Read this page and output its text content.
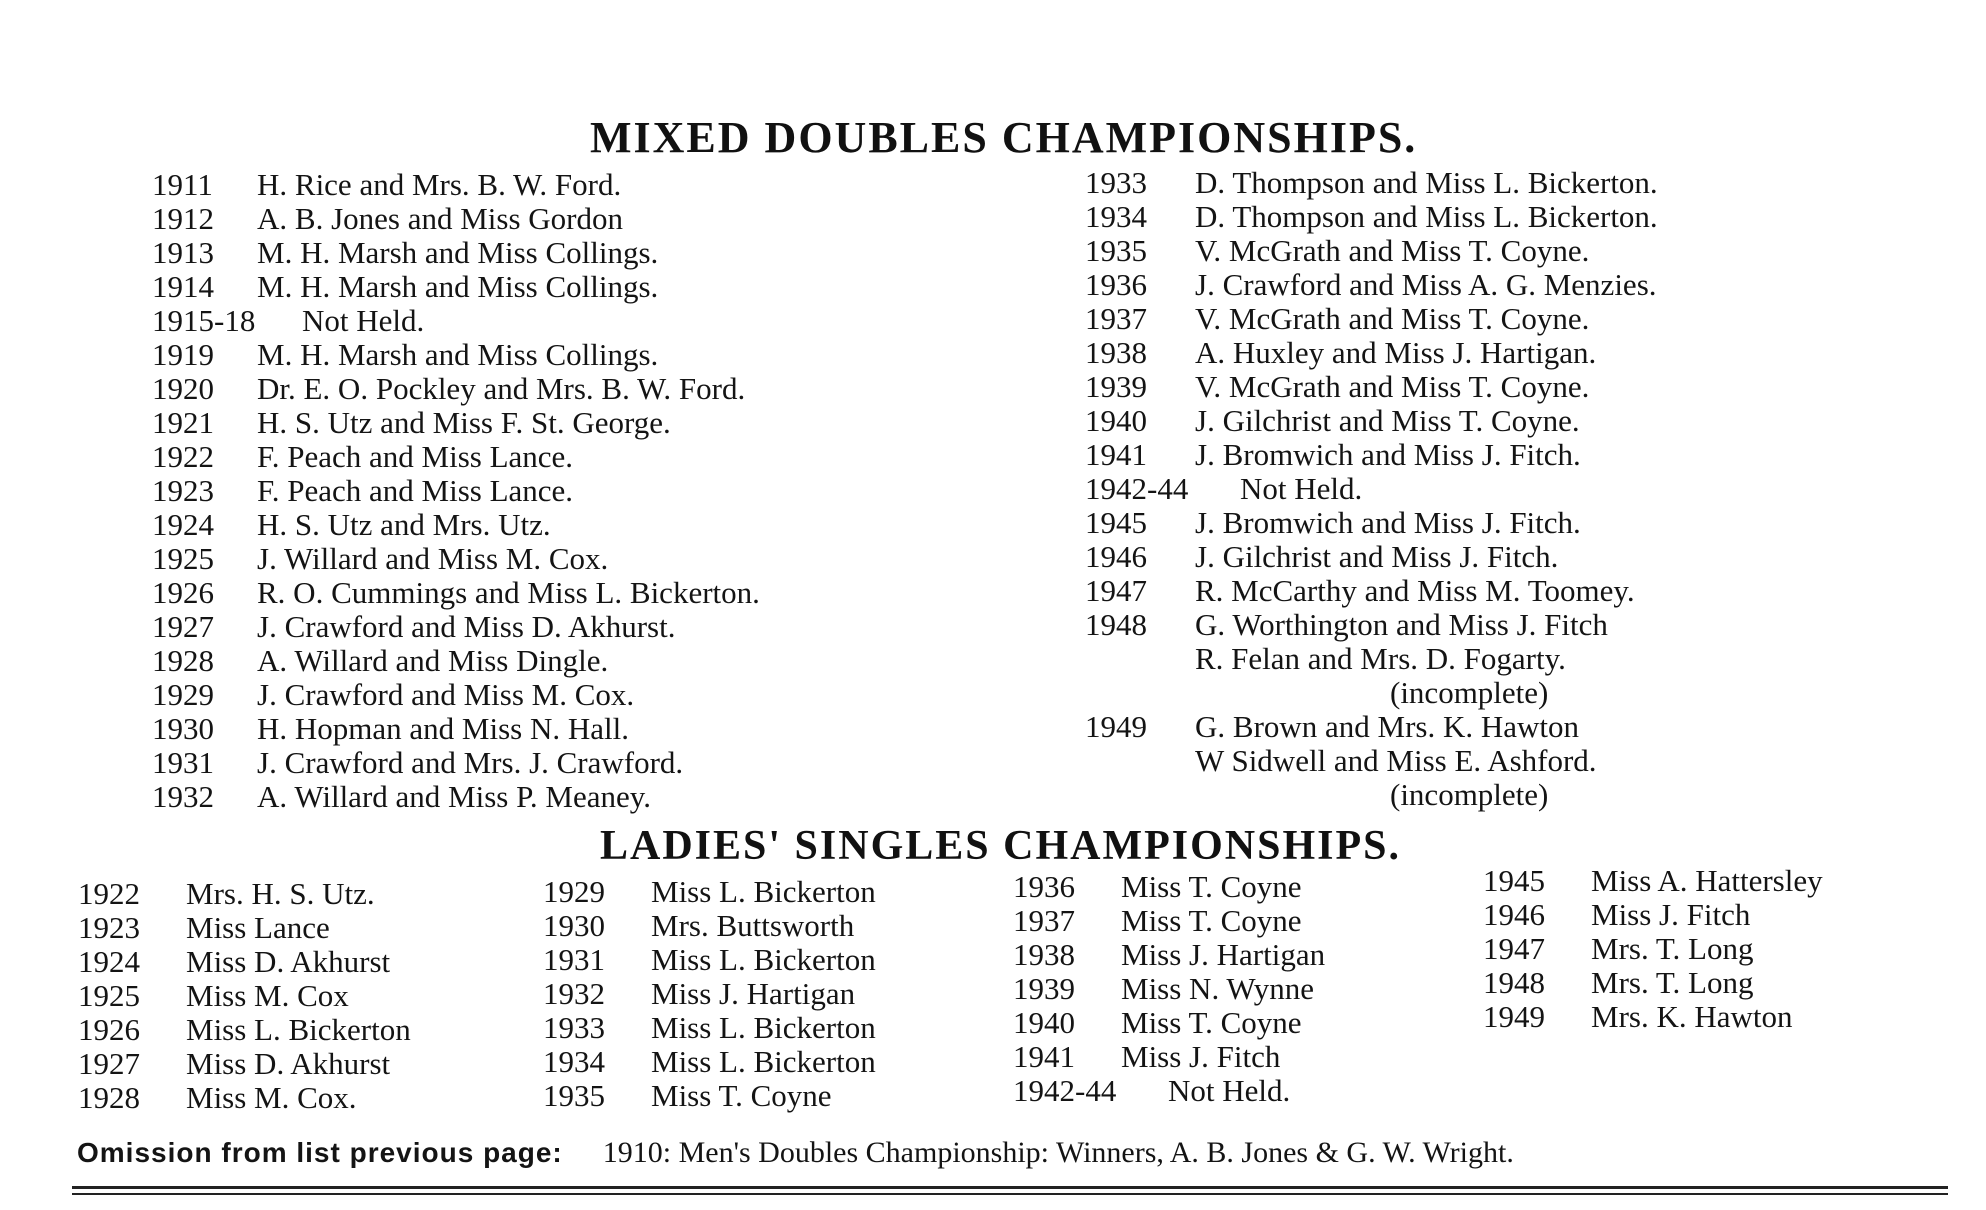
MIXED DOUBLES CHAMPIONSHIPS.
1911 H. Rice and Mrs. B. W. Ford.
1912 A. B. Jones and Miss Gordon
1913 M. H. Marsh and Miss Collings.
1914 M. H. Marsh and Miss Collings.
1915-18 Not Held.
1919 M. H. Marsh and Miss Collings.
1920 Dr. E. O. Pockley and Mrs. B. W. Ford.
1921 H. S. Utz and Miss F. St. George.
1922 F. Peach and Miss Lance.
1923 F. Peach and Miss Lance.
1924 H. S. Utz and Mrs. Utz.
1925 J. Willard and Miss M. Cox.
1926 R. O. Cummings and Miss L. Bickerton.
1927 J. Crawford and Miss D. Akhurst.
1928 A. Willard and Miss Dingle.
1929 J. Crawford and Miss M. Cox.
1930 H. Hopman and Miss N. Hall.
1931 J. Crawford and Mrs. J. Crawford.
1932 A. Willard and Miss P. Meaney.
1933 D. Thompson and Miss L. Bickerton.
1934 D. Thompson and Miss L. Bickerton.
1935 V. McGrath and Miss T. Coyne.
1936 J. Crawford and Miss A. G. Menzies.
1937 V. McGrath and Miss T. Coyne.
1938 A. Huxley and Miss J. Hartigan.
1939 V. McGrath and Miss T. Coyne.
1940 J. Gilchrist and Miss T. Coyne.
1941 J. Bromwich and Miss J. Fitch.
1942-44 Not Held.
1945 J. Bromwich and Miss J. Fitch.
1946 J. Gilchrist and Miss J. Fitch.
1947 R. McCarthy and Miss M. Toomey.
1948 G. Worthington and Miss J. Fitch
R. Felan and Mrs. D. Fogarty.
(incomplete)
1949 G. Brown and Mrs. K. Hawton
W Sidwell and Miss E. Ashford.
(incomplete)
LADIES' SINGLES CHAMPIONSHIPS.
1922 Mrs. H. S. Utz.
1923 Miss Lance
1924 Miss D. Akhurst
1925 Miss M. Cox
1926 Miss L. Bickerton
1927 Miss D. Akhurst
1928 Miss M. Cox.
1929 Miss L. Bickerton
1930 Mrs. Buttsworth
1931 Miss L. Bickerton
1932 Miss J. Hartigan
1933 Miss L. Bickerton
1934 Miss L. Bickerton
1935 Miss T. Coyne
1936 Miss T. Coyne
1937 Miss T. Coyne
1938 Miss J. Hartigan
1939 Miss N. Wynne
1940 Miss T. Coyne
1941 Miss J. Fitch
1942-44 Not Held.
1945 Miss A. Hattersley
1946 Miss J. Fitch
1947 Mrs. T. Long
1948 Mrs. T. Long
1949 Mrs. K. Hawton
Omission from list previous page: 1910: Men's Doubles Championship: Winners, A. B. Jones & G. W. Wright.
